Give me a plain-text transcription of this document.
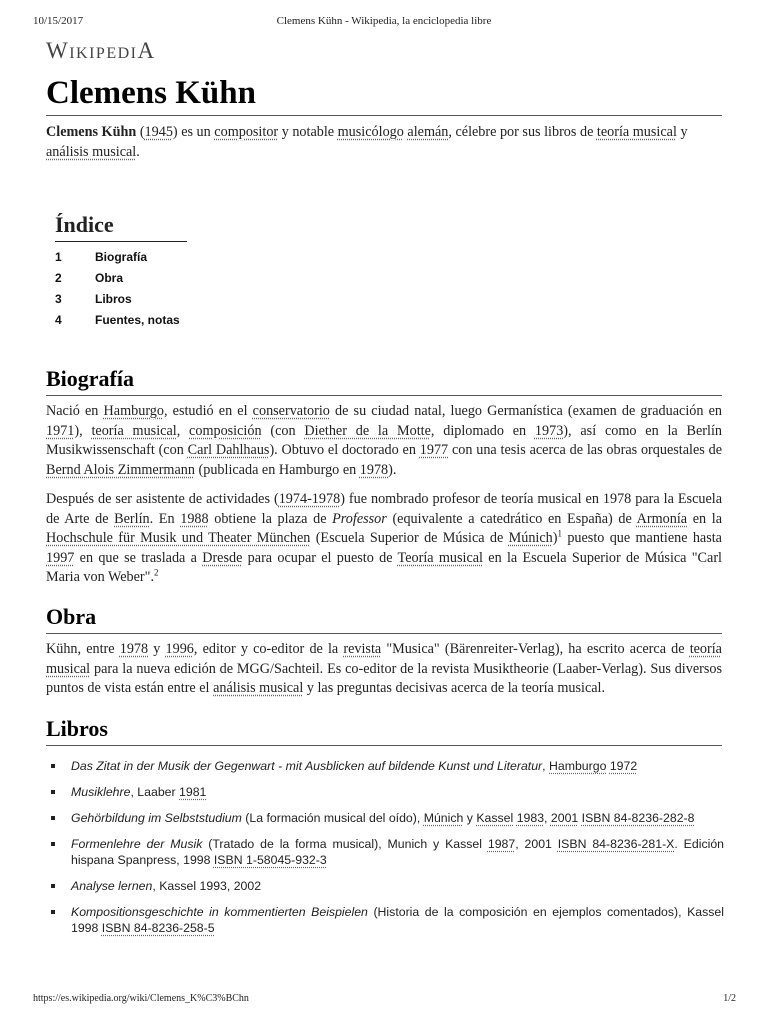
10/15/2017	Clemens Kühn - Wikipedia, la enciclopedia libre
WIKIPEDIA
Clemens Kühn

Clemens Kühn (1945) es un compositor y notable musicólogo alemán, célebre por sus libros de teoría musical y análisis musical.

Índice
1	Biografía
2	Obra
3	Libros
4	Fuentes, notas
Biografía

Nació en Hamburgo, estudió en el conservatorio de su ciudad natal, luego Germanística (examen de graduación en 1971), teoría musical, composición (con Diether de la Motte, diplomado en 1973), así como en la Berlín Musikwissenschaft (con Carl Dahlhaus). Obtuvo el doctorado en 1977 con una tesis acerca de las obras orquestales de Bernd Alois Zimmermann (publicada en Hamburgo en 1978).

Después de ser asistente de actividades (1974-1978) fue nombrado profesor de teoría musical en 1978 para la Escuela de Arte de Berlín. En 1988 obtiene la plaza de Professor (equivalente a catedrático en España) de Armonía en la Hochschule für Musik und Theater München (Escuela Superior de Música de Múnich)$^1$ puesto que mantiene hasta 1997 en que se traslada a Dresde para ocupar el puesto de Teoría musical en la Escuela Superior de Música "Carl Maria von Weber".$^2$

Obra

Kühn, entre 1978 y 1996, editor y co-editor de la revista "Musica" (Bärenreiter-Verlag), ha escrito acerca de teoría musical para la nueva edición de MGG/Sachteil. Es co-editor de la revista Musiktheorie (Laaber-Verlag). Sus diversos puntos de vista están entre el análisis musical y las preguntas decisivas acerca de la teoría musical.

Libros
Das Zitat in der Musik der Gegenwart - mit Ausblicken auf bildende Kunst und Literatur, Hamburgo 1972
Musiklehre, Laaber 1981
Gehörbildung im Selbststudium (La formación musical del oído), Múnich y Kassel 1983, 2001 ISBN 84-8236-282-8
Formenlehre der Musik (Tratado de la forma musical), Munich y Kassel 1987, 2001 ISBN 84-8236-281-X. Edición hispana Spanpress, 1998 ISBN 1-58045-932-3
Analyse lernen, Kassel 1993, 2002
Kompositionsgeschichte in kommentierten Beispielen (Historia de la composición en ejemplos comentados), Kassel 1998 ISBN 84-8236-258-5
https://es.wikipedia.org/wiki/Clemens_K%C3%BChn	1/2
